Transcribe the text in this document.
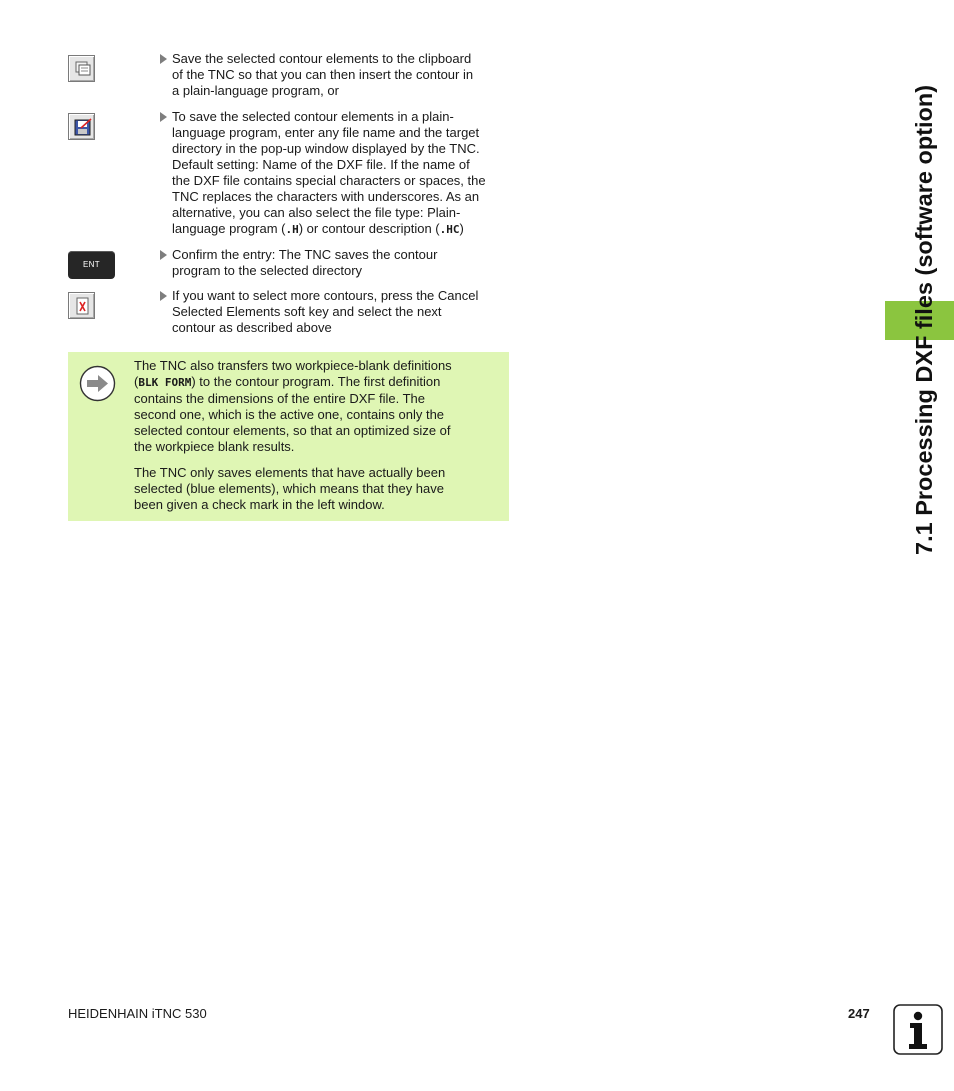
Save the selected contour elements to the clipboard
of the TNC so that you can then insert the contour in
a plain-language program, or
To save the selected contour elements in a plain-
language program, enter any file name and the target
directory in the pop-up window displayed by the TNC.
Default setting: Name of the DXF file. If the name of
the DXF file contains special characters or spaces, the
TNC replaces the characters with underscores. As an
alternative, you can also select the file type: Plain-
language program (.H) or contour description (.HC)
ENT
Confirm the entry: The TNC saves the contour
program to the selected directory
If you want to select more contours, press the Cancel
Selected Elements soft key and select the next
contour as described above

The TNC also transfers two workpiece-blank definitions
(BLK FORM) to the contour program. The first definition
contains the dimensions of the entire DXF file. The
second one, which is the active one, contains only the
selected contour elements, so that an optimized size of
the workpiece blank results.

The TNC only saves elements that have actually been
selected (blue elements), which means that they have
been given a check mark in the left window.	7.1 Processing DXF files (software option)
HEIDENHAIN iTNC 530	247
